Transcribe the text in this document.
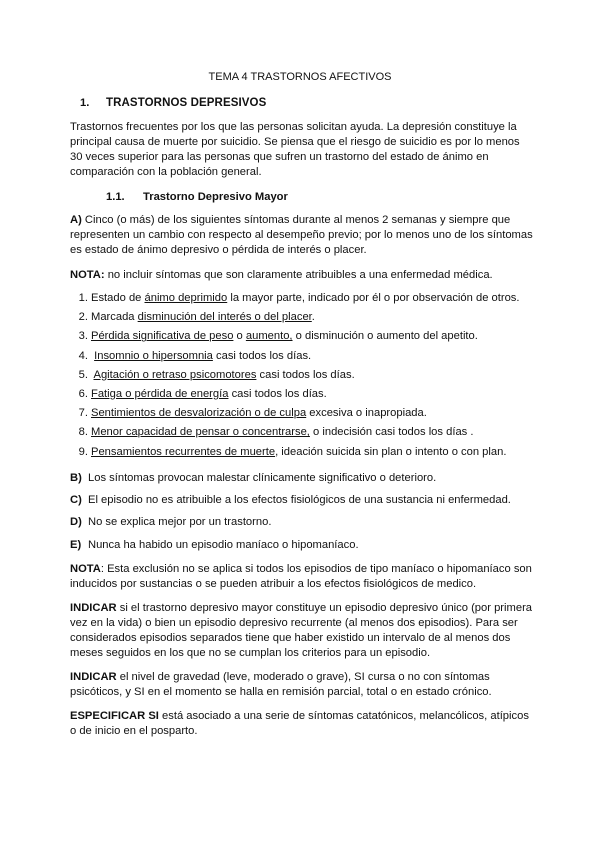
TEMA 4 TRASTORNOS AFECTIVOS
1. TRASTORNOS DEPRESIVOS

Trastornos frecuentes por los que las personas solicitan ayuda. La depresión constituye la principal causa de muerte por suicidio. Se piensa que el riesgo de suicidio es por lo menos 30 veces superior para las personas que sufren un trastorno del estado de ánimo en comparación con la población general.

1.1. Trastorno Depresivo Mayor

A) Cinco (o más) de los siguientes síntomas durante al menos 2 semanas y siempre que representen un cambio con respecto al desempeño previo; por lo menos uno de los síntomas es estado de ánimo depresivo o pérdida de interés o placer.

NOTA: no incluir síntomas que son claramente atribuibles a una enfermedad médica.

1. Estado de ánimo deprimido la mayor parte, indicado por él o por observación de otros.
2. Marcada disminución del interés o del placer.
3. Pérdida significativa de peso o aumento, o disminución o aumento del apetito.
4. Insomnio o hipersomnia casi todos los días.
5. Agitación o retraso psicomotores casi todos los días.
6. Fatiga o pérdida de energía casi todos los días.
7. Sentimientos de desvalorización o de culpa excesiva o inapropiada.
8. Menor capacidad de pensar o concentrarse, o indecisión casi todos los días .
9. Pensamientos recurrentes de muerte, ideación suicida sin plan o intento o con plan.
B) Los síntomas provocan malestar clínicamente significativo o deterioro.
C) El episodio no es atribuible a los efectos fisiológicos de una sustancia ni enfermedad.
D) No se explica mejor por un trastorno.
E) Nunca ha habido un episodio maníaco o hipomaníaco.

NOTA: Esta exclusión no se aplica si todos los episodios de tipo maníaco o hipomaníaco son inducidos por sustancias o se pueden atribuir a los efectos fisiológicos de medico.

INDICAR si el trastorno depresivo mayor constituye un episodio depresivo único (por primera vez en la vida) o bien un episodio depresivo recurrente (al menos dos episodios). Para ser considerados episodios separados tiene que haber existido un intervalo de al menos dos meses seguidos en los que no se cumplan los criterios para un episodio.

INDICAR el nivel de gravedad (leve, moderado o grave), SI cursa o no con síntomas psicóticos, y SI en el momento se halla en remisión parcial, total o en estado crónico.

ESPECIFICAR SI está asociado a una serie de síntomas catatónicos, melancólicos, atípicos o de inicio en el posparto.
